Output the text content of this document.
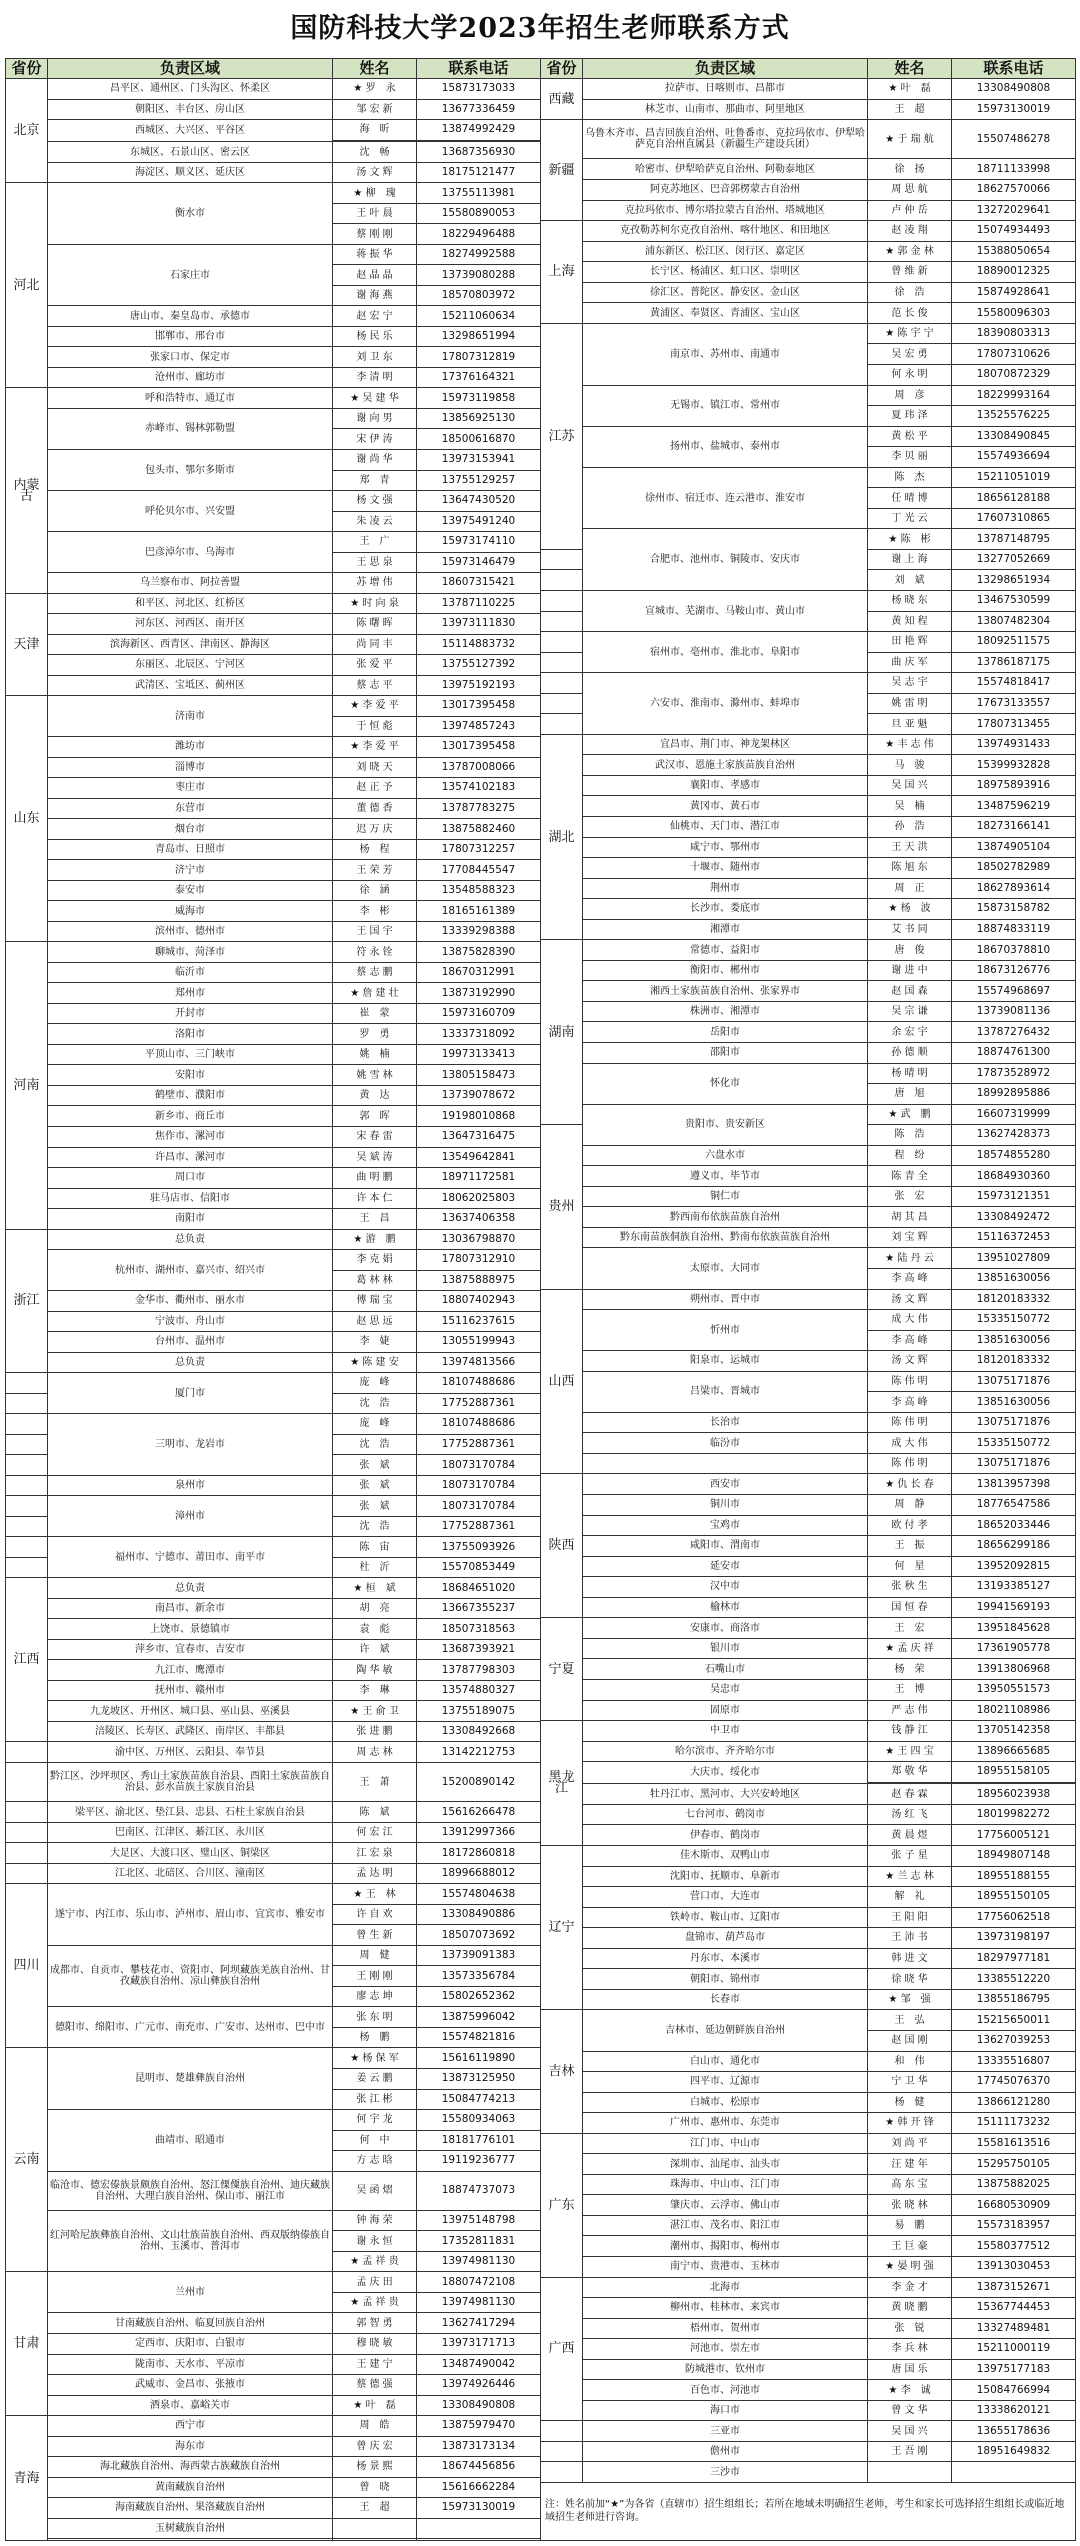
国防科技大学2023年招生老师联系方式
省份	负责区域	姓名	联系电话
北京	昌平区、通州区、门头沟区、怀柔区	★ 罗　永	15873173033
	朝阳区、丰台区、房山区	邹 宏 新	13677336459
	西城区、大兴区、平谷区	海　昕	13874992429

	东城区、石景山区、密云区	沈　畅	13687356930
	海淀区、顺义区、延庆区	汤 文 辉	18175121477
河北	衡水市	★ 柳　瑰	13755113981
		王 叶 晨	15580890053
		蔡 刚 刚	18229496488
	石家庄市	蒋 振 华	18274992588
		赵 晶 晶	13739080288
		谢 海 燕	18570803972
	唐山市、秦皇岛市、承德市	赵 宏 宁	15211060634
	邯郸市、邢台市	杨 民 乐	13298651994
	张家口市、保定市	刘 卫 东	17807312819
	沧州市、廊坊市	李 清 明	17376164321
内蒙古	呼和浩特市、通辽市	★ 吴 建 华	15973119858
	赤峰市、锡林郭勒盟	谢 向 男	13856925130
		宋 伊 涛	18500616870
	包头市、鄂尔多斯市	谢 尚 华	13973153941
		郑　青	13755129257
	呼伦贝尔市、兴安盟	杨 文 强	13647430520
		朱 凌 云	13975491240
	巴彦淖尔市、乌海市	王　广	15973174110
		王 思 泉	15973146479
	乌兰察布市、阿拉善盟	苏 增 伟	18607315421
天津	和平区、河北区、红桥区	★ 时 向 泉	13787110225
	河东区、河西区、南开区	陈 曙 晖	13973111830
	滨海新区、西青区、津南区、静海区	尚 同 丰	15114883732
	东丽区、北辰区、宁河区	张 爱 平	13755127392
	武清区、宝坻区、蓟州区	蔡 志 平	13975192193
山东	济南市	★ 李 爱 平	13017395458
		于 恒 彪	13974857243
	潍坊市	★ 李 爱 平	13017395458
	淄博市	刘 晓 天	13787008066
	枣庄市	赵 正 予	13574102183
	东营市	董 德 香	13787783275
	烟台市	迟 万 庆	13875882460
	青岛市、日照市	杨　程	17807312257
	济宁市	王 荣 芳	17708445547
	泰安市	徐　涵	13548588323
	威海市	李　彬	18165161389
	滨州市、德州市	王 国 宇	13339298388
河南	聊城市、菏泽市	符 永 铨	13875828390
	临沂市	蔡 志 鹏	18670312991
	郑州市	★ 詹 建 壮	13873192990
	开封市	崔　蒙	15973160709
	洛阳市	罗　勇	13337318092
	平顶山市、三门峡市	姚　楠	19973133413
	安阳市	姚 雪 林	13805158473
	鹤壁市、濮阳市	黄　达	13739078672
	新乡市、商丘市	郭　晖	19198010868
	焦作市、漯河市	宋 春 雷	13647316475
	许昌市、漯河市	吴 斌 涛	13549642841
	周口市	曲 明 鹏	18971172581
	驻马店市、信阳市	许 本 仁	18062025803
	南阳市	王　昌	13637406358
浙江	总负责	★ 游　鹏	13036798870
	杭州市、湖州市、嘉兴市、绍兴市	李 克 娟	17807312910
		葛 林 林	13875888975
	金华市、衢州市、丽水市	傅 瑞 宝	18807402943
	宁波市、舟山市	赵 思 远	15116237615
	台州市、温州市	李　婕	13055199943
	总负责	★ 陈 建 安	13974813566
	厦门市	庞　峰	18107488686
		沈　浩	17752887361
	三明市、龙岩市	庞　峰	18107488686
		沈　浩	17752887361
		张　斌	18073170784
	泉州市	张　斌	18073170784
	漳州市	张　斌	18073170784
		沈　浩	17752887361
	福州市、宁德市、莆田市、南平市	陈　宙	13755093926
		杜　沂	15570853449
江西	总负责	★ 桓　斌	18684651020
	南昌市、新余市	胡　亮	13667355237
	上饶市、景德镇市	袁　彪	18507318563
	萍乡市、宜春市、吉安市	许　斌	13687393921
	九江市、鹰潭市	陶 华 敏	13787798303
	抚州市、赣州市	李　琳	13574880327
	九龙坡区、开州区、城口县、巫山县、巫溪县	★ 王 俞 卫	13755189075
	涪陵区、长寿区、武隆区、南岸区、丰都县	张 进 鹏	13308492668
	渝中区、万州区、云阳县、奉节县	周 志 林	13142212753
	黔江区、沙坪坝区、秀山土家族苗族自治县、酉阳土家族苗族自治县、彭水苗族土家族自治县	王　萧	15200890142
	梁平区、渝北区、垫江县、忠县、石柱土家族自治县	陈　斌	15616266478
	巴南区、江津区、綦江区、永川区	何 宏 江	13912997366
	大足区、大渡口区、璧山区、铜梁区	江 宏 泉	18172860818
	江北区、北碚区、合川区、潼南区	孟 达 明	18996688012
四川	遂宁市、内江市、乐山市、泸州市、眉山市、宜宾市、雅安市	★ 王　林	15574804638
		许 自 欢	13308490886
		曾 生 新	18507073692
	成都市、自贡市、攀枝花市、资阳市、阿坝藏族羌族自治州、甘孜藏族自治州、凉山彝族自治州	周　健	13739091383
		王 刚 刚	13573356784
		廖 志 坤	15802652362
	德阳市、绵阳市、广元市、南充市、广安市、达州市、巴中市	张 东 明	13875996042
		杨　鹏	15574821816
云南	昆明市、楚雄彝族自治州	★ 杨 保 军	15616119890
		姜 云 鹏	13873125950
		张 江 彬	15084774213
	曲靖市、昭通市	何 宇 龙	15580934063
		何　中	18181776101
		方 志 晗	19119236777
	临沧市、德宏傣族景颇族自治州、怒江傈僳族自治州、迪庆藏族自治州、大理白族自治州、保山市、丽江市	吴 函 熠	18874737073
	红河哈尼族彝族自治州、文山壮族苗族自治州、西双版纳傣族自治州、玉溪市、普洱市	钟 海 荣	13975148798
		谢 永 恒	17352811831
		★ 孟 祥 贵	13974981130
甘肃	兰州市	孟 庆 田	18807472108
		★ 孟 祥 贵	13974981130
	甘南藏族自治州、临夏回族自治州	郭 智 勇	13627417294
	定西市、庆阳市、白银市	穆 晓 敏	13973171713
	陇南市、天水市、平凉市	王 建 宁	13487490042
	武威市、金昌市、张掖市	蔡 德 强	13974926446
	酒泉市、嘉峪关市	★ 叶　磊	13308490808
青海	西宁市	周　皓	13875979470
	海东市	曾 庆 宏	13873173134
	海北藏族自治州、海西蒙古族藏族自治州	杨 景 熙	18674456856
	黄南藏族自治州	曾　晓	15616662284
	海南藏族自治州、果洛藏族自治州	王　超	15973130019
	玉树藏族自治州		

省份	负责区域	姓名	联系电话
西藏	拉萨市、日喀则市、昌都市	★ 叶　磊	13308490808
	林芝市、山南市、那曲市、阿里地区	王　超	15973130019
新疆	乌鲁木齐市、昌吉回族自治州、吐鲁番市、克拉玛依市、伊犁哈萨克自治州直属县（新疆生产建设兵团）	★ 于 瑞 航	15507486278
	哈密市、伊犁哈萨克自治州、阿勒泰地区	徐　扬	18711133998
	阿克苏地区、巴音郭楞蒙古自治州	周 思 航	18627570066
	克拉玛依市、博尔塔拉蒙古自治州、塔城地区	卢 仲 岳	13272029641
上海	克孜勒苏柯尔克孜自治州、喀什地区、和田地区	赵 凌 翔	15074934493
	浦东新区、松江区、闵行区、嘉定区	★ 郭 金 林	15388050654
	长宁区、杨浦区、虹口区、崇明区	曾 维 新	18890012325
	徐汇区、普陀区、静安区、金山区	徐　浩	15874928641
	黄浦区、奉贤区、青浦区、宝山区	范 长 俊	15580096303
江苏	南京市、苏州市、南通市	★ 陈 宇 宁	18390803313
		吴 宏 勇	17807310626
		何 永 明	18070872329
	无锡市、镇江市、常州市	周　彦	18229993164
		夏 玮 泽	13525576225
	扬州市、盐城市、泰州市	黄 松 平	13308490845
		李 贝 丽	15574936694
	徐州市、宿迁市、连云港市、淮安市	陈　杰	15211051019
		任 晴 博	18656128188
		丁 光 云	17607310865
	合肥市、池州市、铜陵市、安庆市	★ 陈　彬	13787148795
		谢 上 海	13277052669
		刘　斌	13298651934
	宣城市、芜湖市、马鞍山市、黄山市	杨 晓 东	13467530599
		黄 知 程	13807482304
	宿州市、亳州市、淮北市、阜阳市	田 艳 辉	18092511575
		曲 庆 军	13786187175
	六安市、淮南市、滁州市、蚌埠市	吴 志 宇	15574818417
		姚 雷 明	17673133557
		旦 亚 魁	17807313455
湖北	宜昌市、荆门市、神龙架林区	★ 丰 志 伟	13974931433
	武汉市、恩施土家族苗族自治州	马　骏	15399932828
	襄阳市、孝感市	吴 国 兴	18975893916
	黄冈市、黄石市	吴　楠	13487596219
	仙桃市、天门市、潜江市	孙　浩	18273166141
	咸宁市、鄂州市	王 天 洪	13874905104
	十堰市、随州市	陈 旭 东	18502782989
	荆州市	周　正	18627893614
	长沙市、娄底市	★ 杨　波	15873158782
	湘潭市	艾 书 同	18874833119
湖南	常德市、益阳市	唐　俊	18670378810
	衡阳市、郴州市	谢 进 中	18673126776
	湘西土家族苗族自治州、张家界市	赵 国 森	15574968697
	株洲市、湘潭市	吴 宗 谦	13739081136
	岳阳市	余 宏 宇	13787276432
	邵阳市	孙 德 顺	18874761300
	怀化市	杨 晴 明	17873528972
		唐　旭	18992895886
	贵阳市、贵安新区	★ 武　鹏	16607319999
贵州		陈　浩	13627428373
	六盘水市	程　纷	18574855280
	遵义市、毕节市	陈 青 全	18684930360
	铜仁市	张　宏	15973121351
	黔西南布依族苗族自治州	胡 其 昌	13308492472
	黔东南苗族侗族自治州、黔南布依族苗族自治州	刘 宝 辉	15116372453
	太原市、大同市	★ 陆 丹 云	13951027809
		李 高 峰	13851630056
山西	朔州市、晋中市	汤 文 辉	18120183332
	忻州市	成 大 伟	15335150772
		李 高 峰	13851630056
	阳泉市、运城市	汤 文 辉	18120183332
	吕梁市、晋城市	陈 伟 明	13075171876
		李 高 峰	13851630056
	长治市	陈 伟 明	13075171876
	临汾市	成 大 伟	15335150772
		陈 伟 明	13075171876
陕西	西安市	★ 仇 长 春	13813957398
	铜川市	周　静	18776547586
	宝鸡市	欧 付 孝	18652033446
	咸阳市、渭南市	王　振	18656299186
	延安市	何　星	13952092815
	汉中市	张 秋 生	13193385127
	榆林市	国 恒 春	19941569193
宁夏	安康市、商洛市	王　宏	13951845628
	银川市	★ 孟 庆 祥	17361905778
	石嘴山市	杨　荣	13913806968
	吴忠市	王　博	13950551573
	固原市	严 志 伟	18021108986
黑龙江	中卫市	钱 静 江	13705142358
	哈尔滨市、齐齐哈尔市	★ 王 四 宝	13896665685
	大庆市、绥化市	郑 敬 华	18955158105

	牡丹江市、黑河市、大兴安岭地区	赵 春 霖	18956023938
	七台河市、鹤岗市	汤 红 飞	18019982272
	伊春市、鹤岗市	黄 晨 煜	17756005121
辽宁	佳木斯市、双鸭山市	张 子 星	18949807148
	沈阳市、抚顺市、阜新市	★ 兰 志 林	18955188155
	营口市、大连市	解　礼	18955150105
	铁岭市、鞍山市、辽阳市	王 阳 阳	17756062518
	盘锦市、葫芦岛市	王 沛 书	13973198197
	丹东市、本溪市	韩 进 文	18297977181
	朝阳市、锦州市	徐 晓 华	13385512220
	长春市	★ 邹　强	13855186795
吉林	吉林市、延边朝鲜族自治州	王　弘	15215650011
		赵 国 刚	13627039253
	白山市、通化市	和　伟	13335516807
	四平市、辽源市	宁 卫 华	17745076370
	白城市、松原市	杨　健	13866121280
	广州市、惠州市、东莞市	★ 韩 开 锋	15111173232
广东	江门市、中山市	刘 尚 平	15581613516
	深圳市、汕尾市、汕头市	汪 建 年	15295750105
	珠海市、中山市、江门市	高 东 宝	13875882025
	肇庆市、云浮市、佛山市	张 晓 林	16680530909
	湛江市、茂名市、阳江市	易　鹏	15573183957
	潮州市、揭阳市、梅州市	王 巨 豪	15580377512
	南宁市、贵港市、玉林市	★ 晏 明 强	13913030453
广西	北海市	李 金 才	13873152671
	柳州市、桂林市、来宾市	黄 晓 鹏	15367744453
	梧州市、贺州市	张　锐	13327489481
	河池市、崇左市	李 兵 林	15211000119
	防城港市、钦州市	唐 国 乐	13975177183
	百色市、河池市	★ 李　诚	15084766994
	海口市	曾 文 华	13338620121
	三亚市	吴 国 兴	13655178636
	儋州市	王 吾 刚	18951649832
	三沙市		
注：姓名前加“★”为各省（直辖市）招生组组长；若所在地域未明确招生老师，考生和家长可选择招生组组长或临近地域招生老师进行咨询。			
